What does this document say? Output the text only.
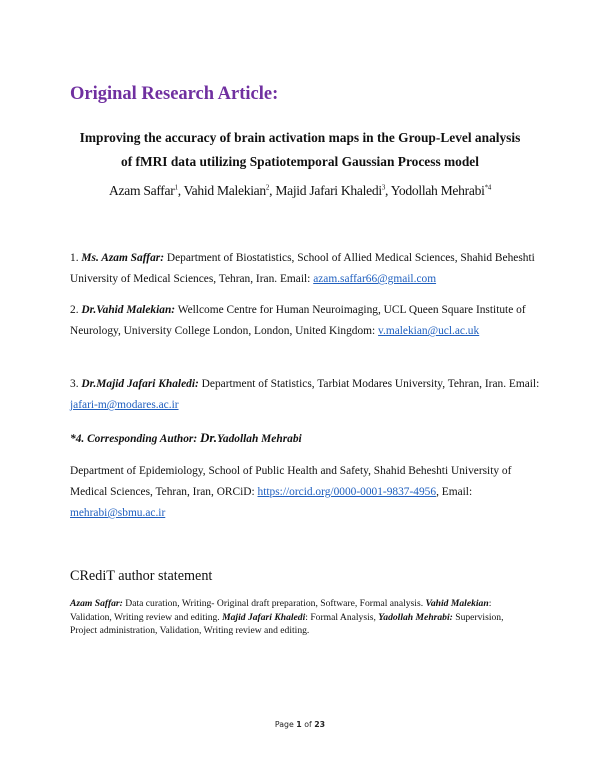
Original Research Article:
Improving the accuracy of brain activation maps in the Group-Level analysis
of fMRI data utilizing Spatiotemporal Gaussian Process model
Azam Saffar$^1$, Vahid Malekian$^2$, Majid Jafari Khaledi$^3$, Yodollah Mehrabi$^{*4}$
1. Ms. Azam Saffar: Department of Biostatistics, School of Allied Medical Sciences, Shahid Beheshti University of Medical Sciences, Tehran, Iran. Email: azam.saffar66@gmail.com
2. Dr.Vahid Malekian: Wellcome Centre for Human Neuroimaging, UCL Queen Square Institute of Neurology, University College London, London, United Kingdom: v.malekian@ucl.ac.uk
3. Dr.Majid Jafari Khaledi: Department of Statistics, Tarbiat Modares University, Tehran, Iran. Email: jafari-m@modares.ac.ir
*4. Corresponding Author: Dr.Yadollah Mehrabi
Department of Epidemiology, School of Public Health and Safety, Shahid Beheshti University of Medical Sciences, Tehran, Iran, ORCiD: https://orcid.org/0000-0001-9837-4956, Email: mehrabi@sbmu.ac.ir
CRediT author statement
Azam Saffar: Data curation, Writing- Original draft preparation, Software, Formal analysis. Vahid Malekian: Validation, Writing review and editing. Majid Jafari Khaledi: Formal Analysis, Yadollah Mehrabi: Supervision, Project administration, Validation, Writing review and editing.
Page 1 of 23
